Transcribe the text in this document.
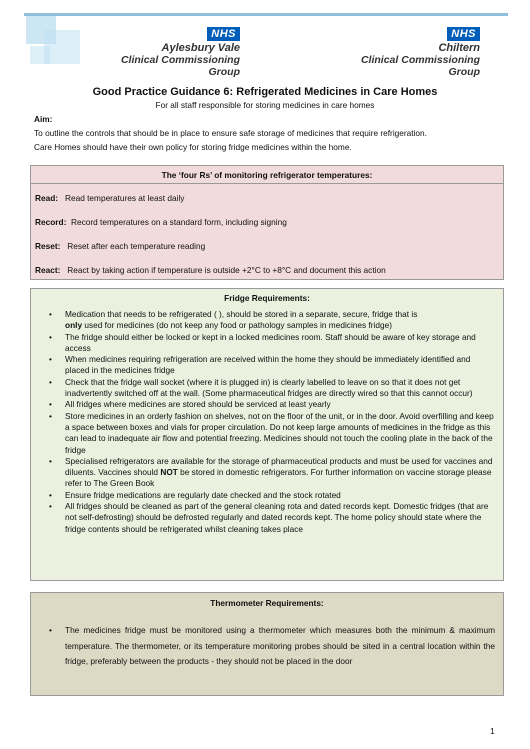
NHS
Aylesbury Vale
Clinical Commissioning Group
NHS
Chiltern
Clinical Commissioning Group
Good Practice Guidance 6: Refrigerated Medicines in Care Homes
For all staff responsible for storing medicines in care homes
Aim:
To outline the controls that should be in place to ensure safe storage of medicines that require refrigeration.
Care Homes should have their own policy for storing fridge medicines within the home.
The ‘four Rs’ of monitoring refrigerator temperatures:
Read: Read temperatures at least daily
Record: Record temperatures on a standard form, including signing
Reset: Reset after each temperature reading
React: React by taking action if temperature is outside +2°C to +8°C and document this action
Fridge Requirements:
• Medication that needs to be refrigerated ( ), should be stored in a separate, secure, fridge that is
only used for medicines (do not keep any food or pathology samples in medicines fridge)
• The fridge should either be locked or kept in a locked medicines room. Staff should be aware of key storage and access
• When medicines requiring refrigeration are received within the home they should be immediately identified and placed in the medicines fridge
• Check that the fridge wall socket (where it is plugged in) is clearly labelled to leave on so that it does not get inadvertently switched off at the wall. (Some pharmaceutical fridges are directly wired so that this cannot occur)
• All fridges where medicines are stored should be serviced at least yearly
• Store medicines in an orderly fashion on shelves, not on the floor of the unit, or in the door. Avoid overfilling and keep a space between boxes and vials for proper circulation. Do not keep large amounts of medicines in the fridge as this can lead to inadequate air flow and potential freezing. Medicines should not touch the cooling plate in the back of the fridge
• Specialised refrigerators are available for the storage of pharmaceutical products and must be used for vaccines and diluents. Vaccines should NOT be stored in domestic refrigerators. For further information on vaccine storage please refer to The Green Book
• Ensure fridge medications are regularly date checked and the stock rotated
• All fridges should be cleaned as part of the general cleaning rota and dated records kept. Domestic fridges (that are not self-defrosting) should be defrosted regularly and dated records kept. The home policy should state where the fridge contents should be refrigerated whilst cleaning takes place
Thermometer Requirements:
• The medicines fridge must be monitored using a thermometer which measures both the minimum & maximum temperature. The thermometer, or its temperature monitoring probes should be sited in a central location within the fridge, preferably between the products - they should not be placed in the door
1
